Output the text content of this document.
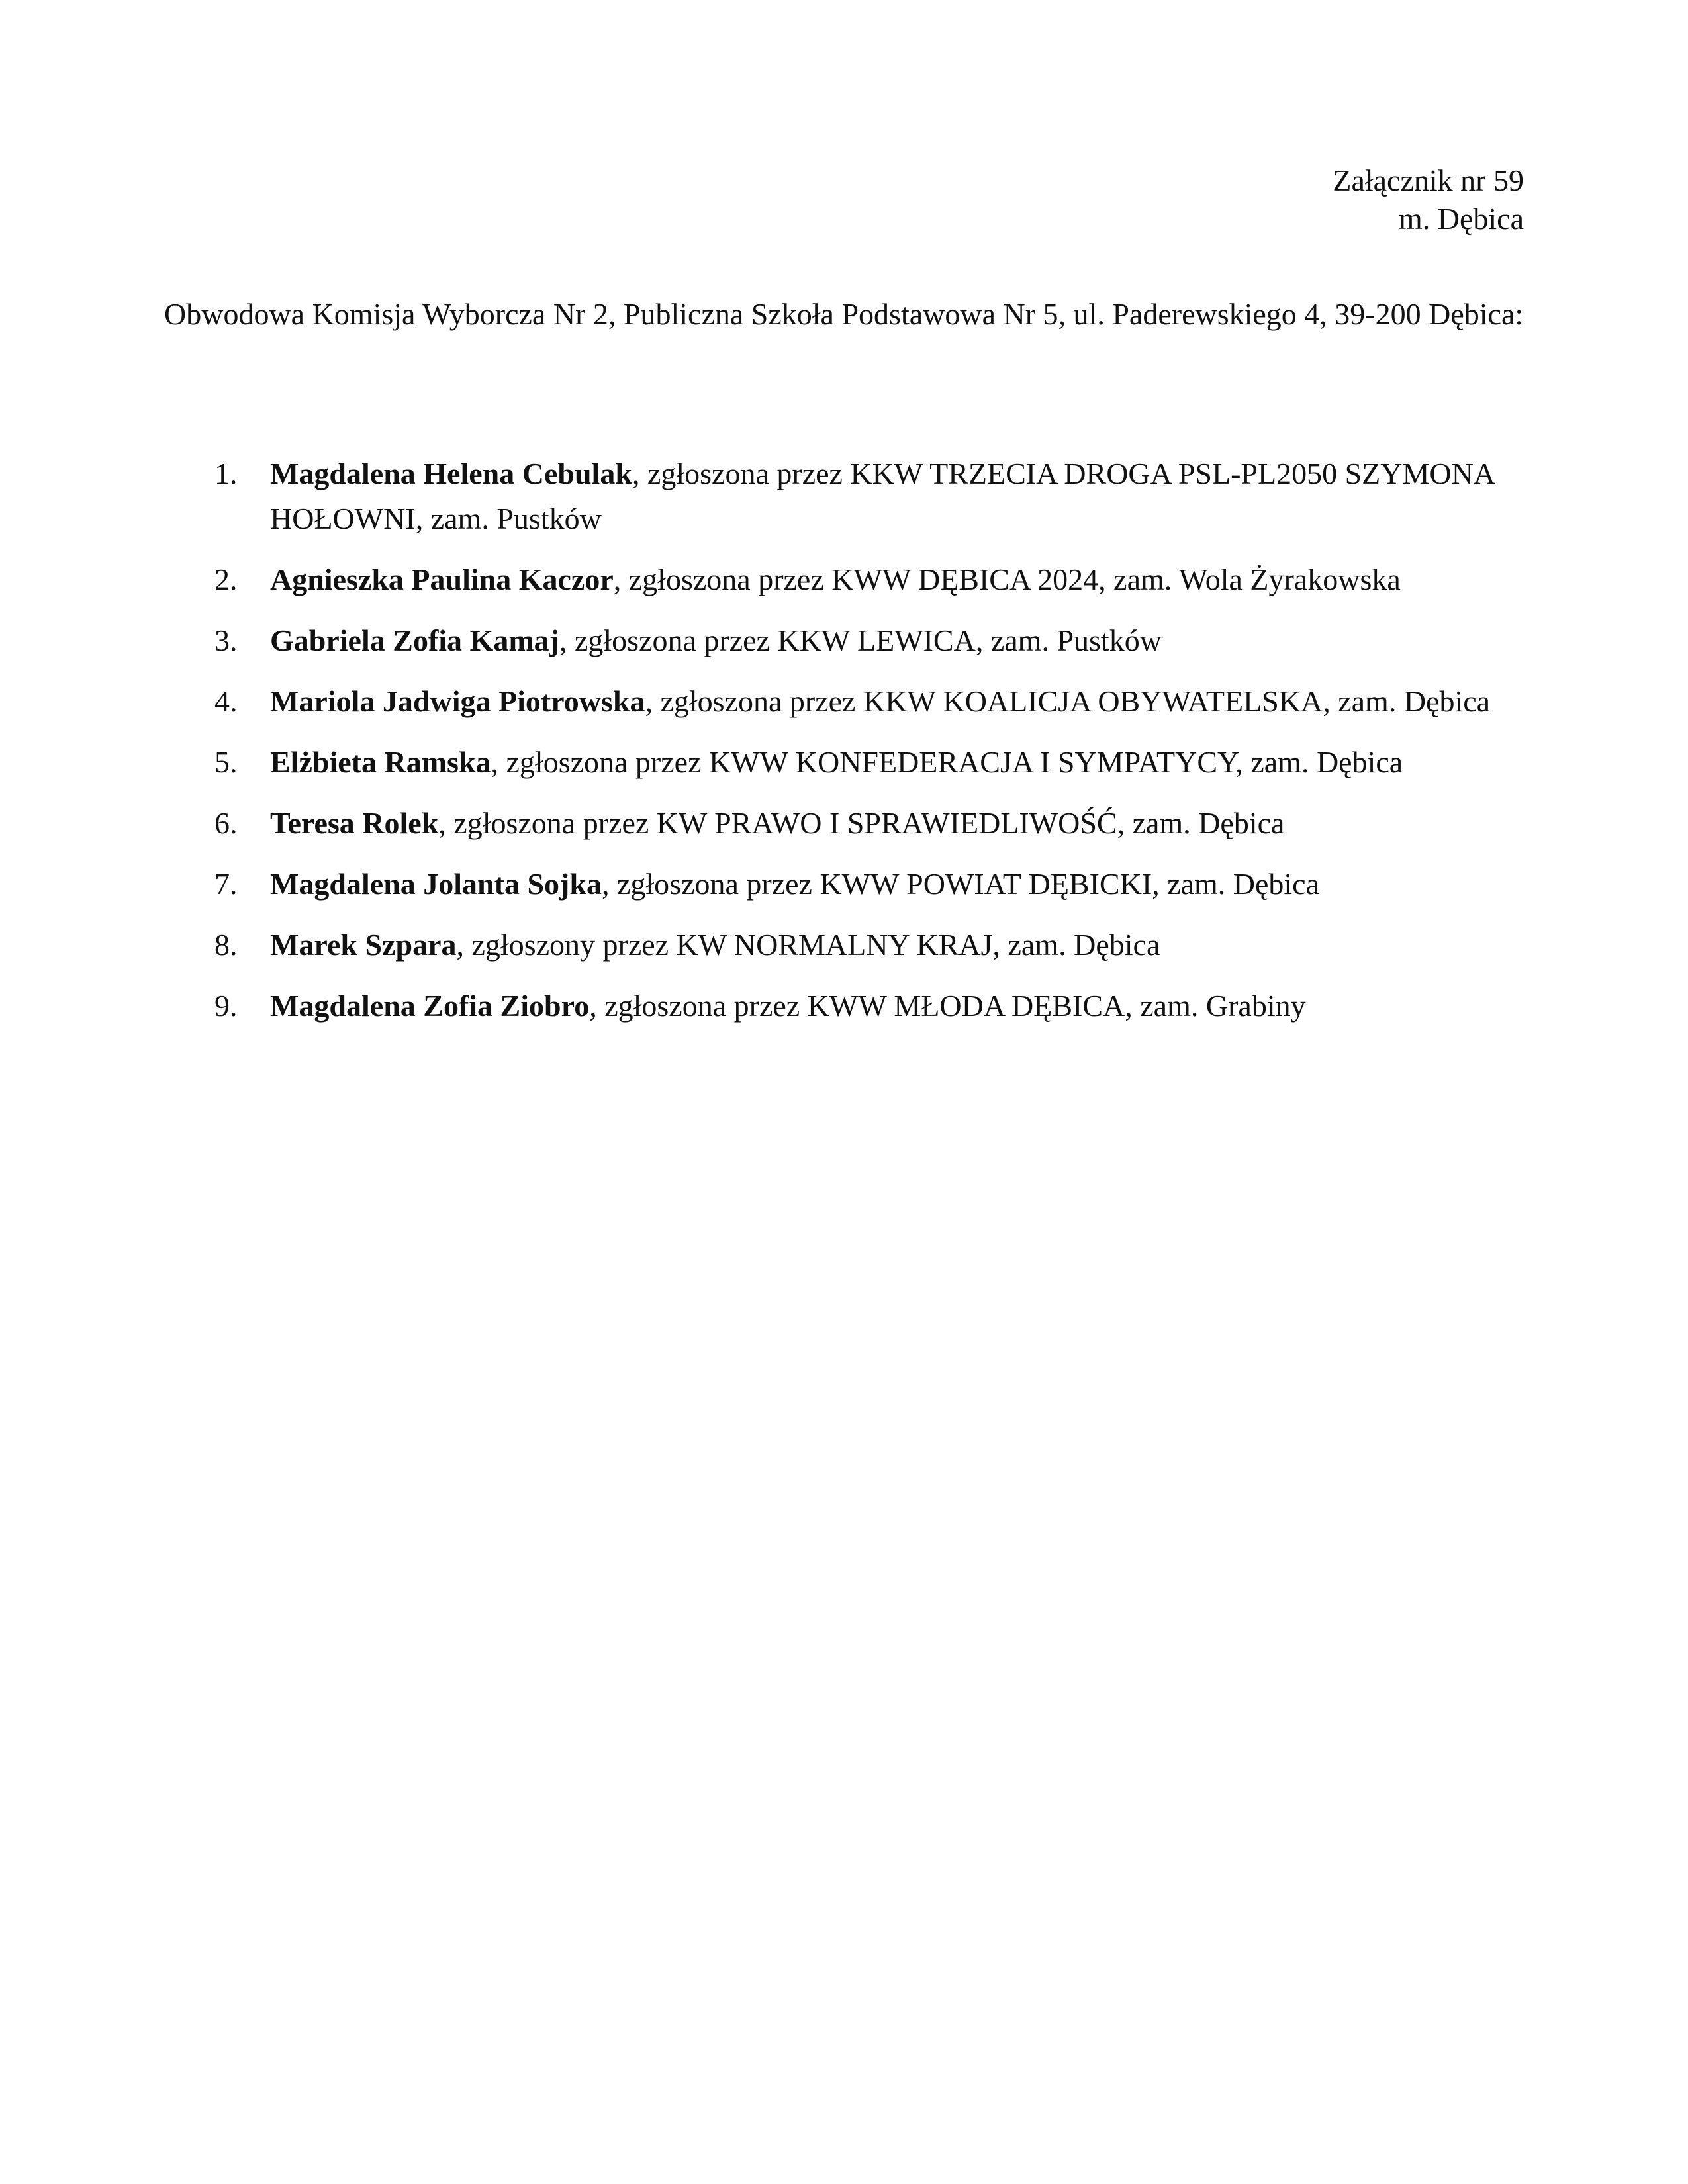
Załącznik nr 59
m. Dębica
Obwodowa Komisja Wyborcza Nr 2, Publiczna Szkoła Podstawowa Nr 5, ul. Paderewskiego 4, 39-200 Dębica:
1. Magdalena Helena Cebulak, zgłoszona przez KKW TRZECIA DROGA PSL-PL2050 SZYMONA HOŁOWNI, zam. Pustków
2. Agnieszka Paulina Kaczor, zgłoszona przez KWW DĘBICA 2024, zam. Wola Żyrakowska
3. Gabriela Zofia Kamaj, zgłoszona przez KKW LEWICA, zam. Pustków
4. Mariola Jadwiga Piotrowska, zgłoszona przez KKW KOALICJA OBYWATELSKA, zam. Dębica
5. Elżbieta Ramska, zgłoszona przez KWW KONFEDERACJA I SYMPATYCY, zam. Dębica
6. Teresa Rolek, zgłoszona przez KW PRAWO I SPRAWIEDLIWOŚĆ, zam. Dębica
7. Magdalena Jolanta Sojka, zgłoszona przez KWW POWIAT DĘBICKI, zam. Dębica
8. Marek Szpara, zgłoszony przez KW NORMALNY KRAJ, zam. Dębica
9. Magdalena Zofia Ziobro, zgłoszona przez KWW MŁODA DĘBICA, zam. Grabiny
